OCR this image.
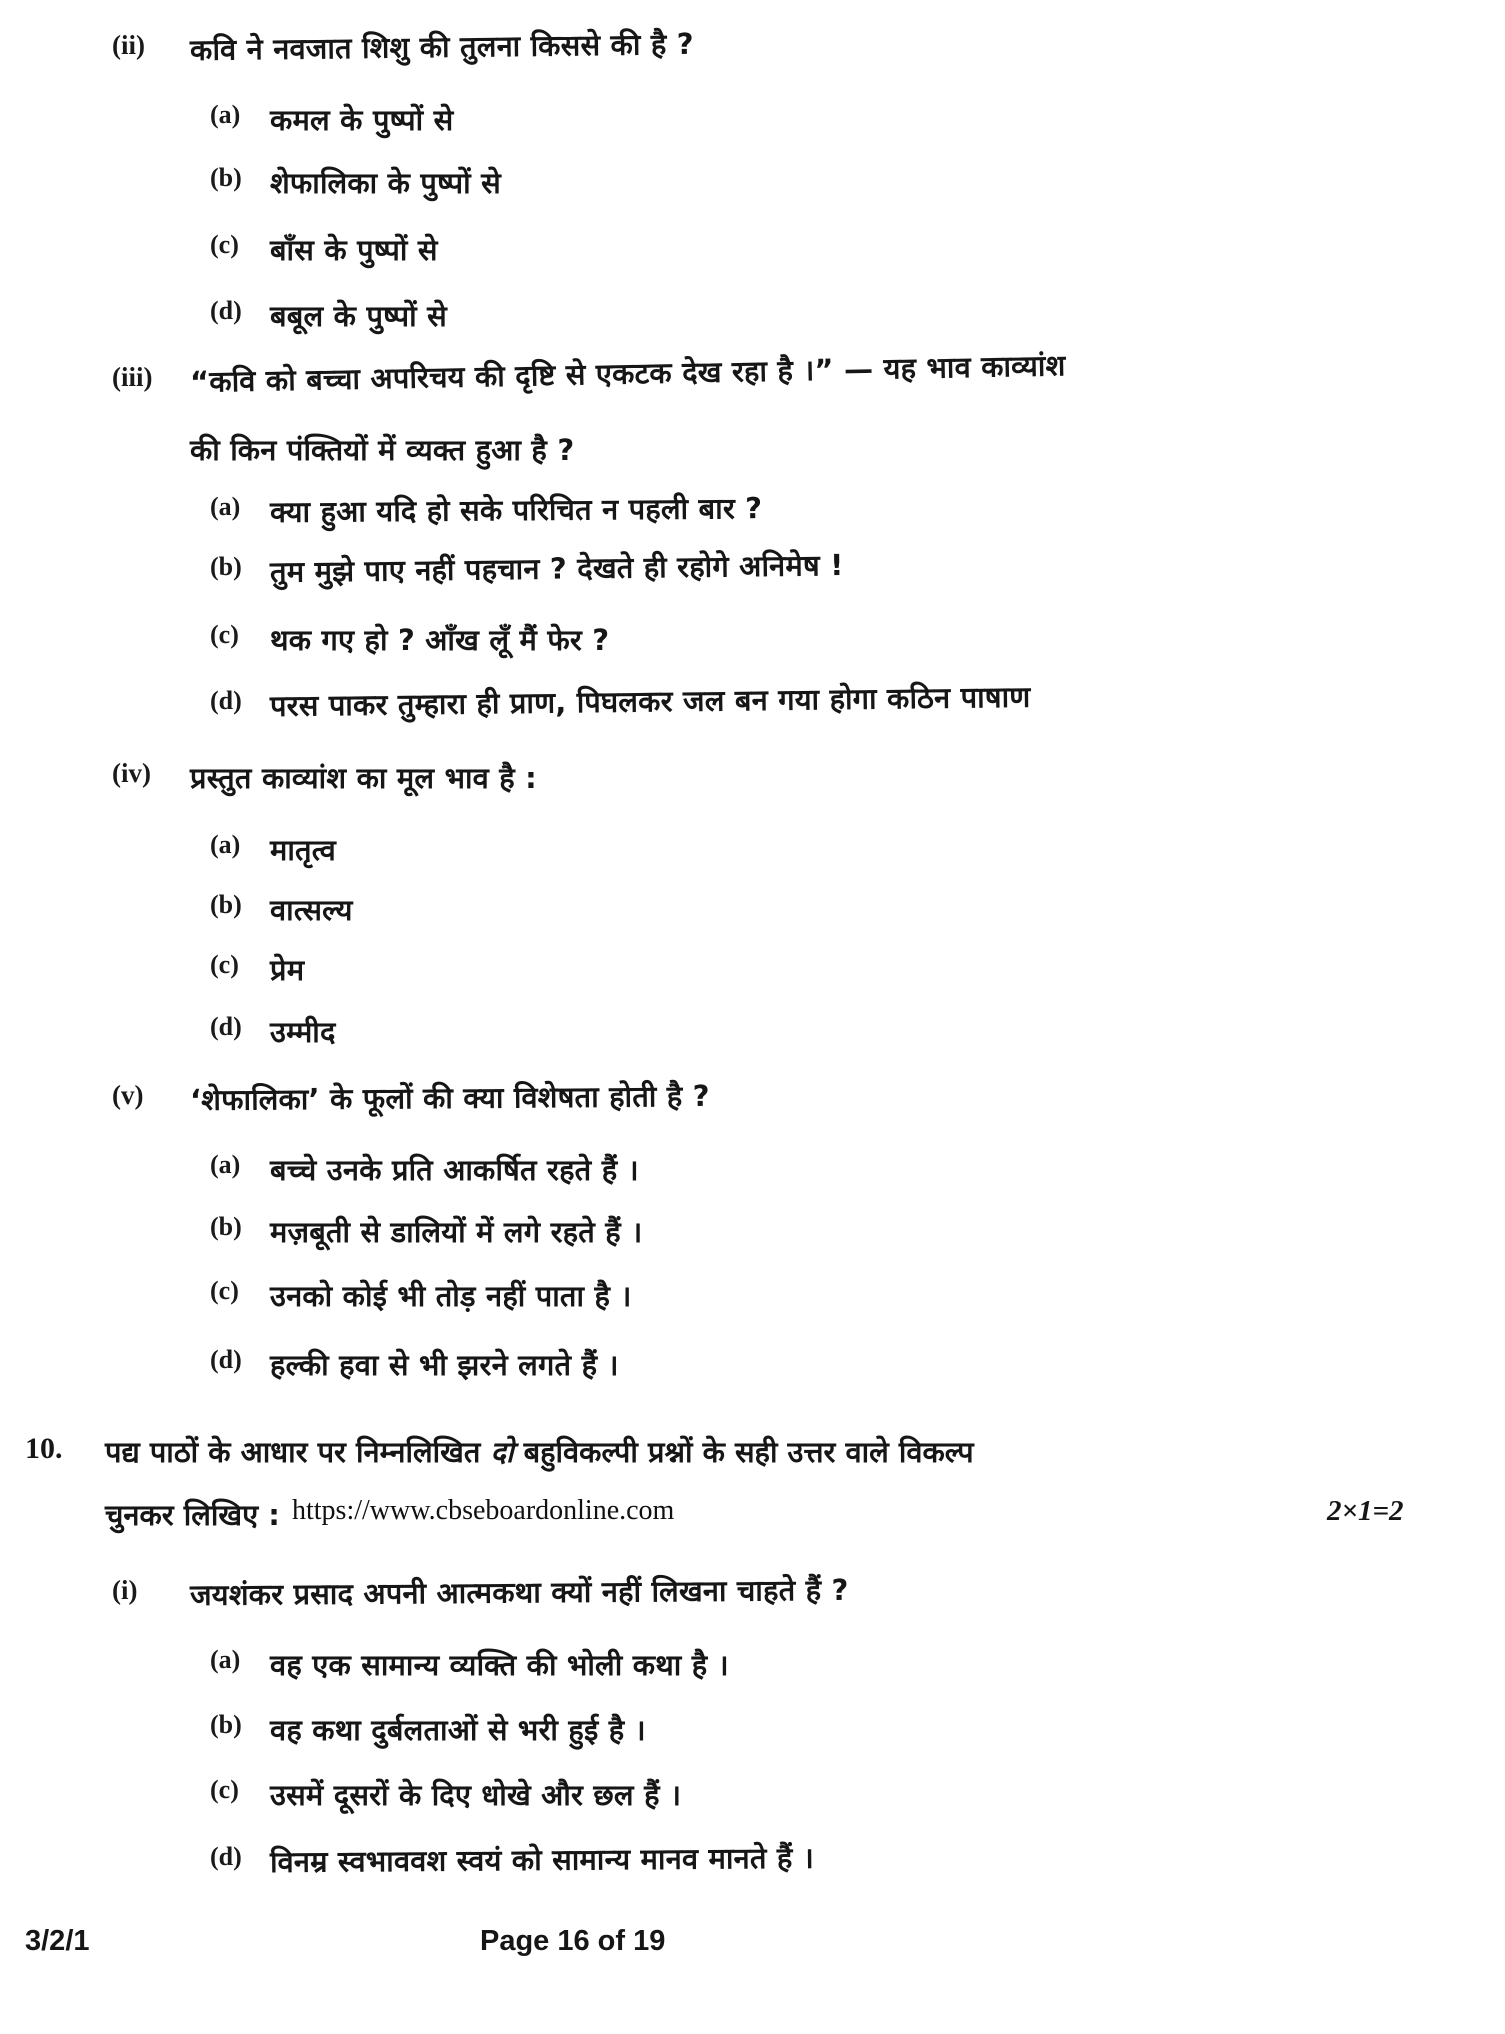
(ii) कवि ने नवजात शिशु की तुलना किससे की है ?
(a) कमल के पुष्पों से
(b) शेफालिका के पुष्पों से
(c) बाँस के पुष्पों से
(d) बबूल के पुष्पों से
(iii) “कवि को बच्चा अपरिचय की दृष्टि से एकटक देख रहा है ।” — यह भाव काव्यांश
की किन पंक्तियों में व्यक्त हुआ है ?
(a) क्या हुआ यदि हो सके परिचित न पहली बार ?
(b) तुम मुझे पाए नहीं पहचान ? देखते ही रहोगे अनिमेष !
(c) थक गए हो ? आँख लूँ मैं फेर ?
(d) परस पाकर तुम्हारा ही प्राण, पिघलकर जल बन गया होगा कठिन पाषाण
(iv) प्रस्तुत काव्यांश का मूल भाव है :
(a) मातृत्व
(b) वात्सल्य
(c) प्रेम
(d) उम्मीद
(v) ‘शेफालिका’ के फूलों की क्या विशेषता होती है ?
(a) बच्चे उनके प्रति आकर्षित रहते हैं ।
(b) मज़बूती से डालियों में लगे रहते हैं ।
(c) उनको कोई भी तोड़ नहीं पाता है ।
(d) हल्की हवा से भी झरने लगते हैं ।
10. पद्य पाठों के आधार पर निम्नलिखित दो बहुविकल्पी प्रश्नों के सही उत्तर वाले विकल्प
चुनकर लिखिए : https://www.cbseboardonline.com	2×1=2
(i) जयशंकर प्रसाद अपनी आत्मकथा क्यों नहीं लिखना चाहते हैं ?
(a) वह एक सामान्य व्यक्ति की भोली कथा है ।
(b) वह कथा दुर्बलताओं से भरी हुई है ।
(c) उसमें दूसरों के दिए धोखे और छल हैं ।
(d) विनम्र स्वभाववश स्वयं को सामान्य मानव मानते हैं ।
3/2/1	Page 16 of 19
